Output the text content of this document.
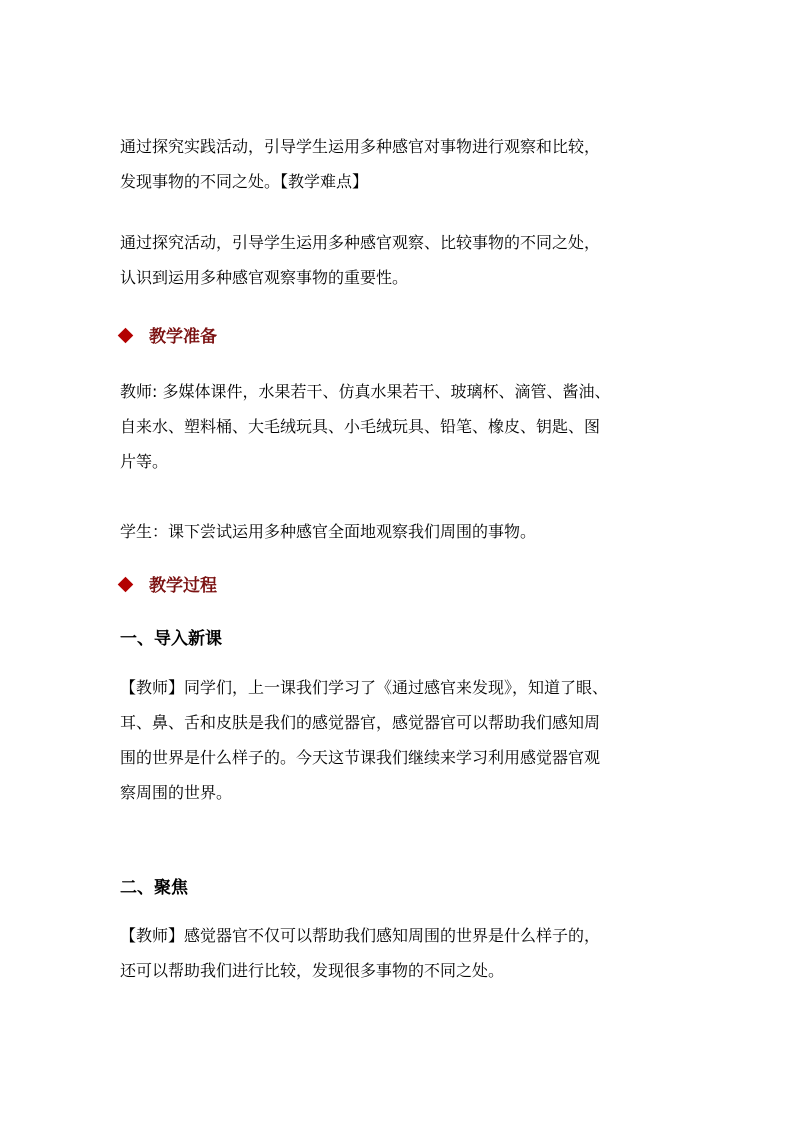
通过探究实践活动，引导学生运用多种感官对事物进行观察和比较，
发现事物的不同之处。【教学难点】

通过探究活动，引导学生运用多种感官观察、比较事物的不同之处，
认识到运用多种感官观察事物的重要性。

教学准备

教师: 多媒体课件，水果若干、仿真水果若干、玻璃杯、滴管、酱油、
自来水、塑料桶、大毛绒玩具、小毛绒玩具、铅笔、橡皮、钥匙、图
片等。

学生：课下尝试运用多种感官全面地观察我们周围的事物。

教学过程
一、导入新课

【教师】同学们，上一课我们学习了《通过感官来发现》，知道了眼、
耳、鼻、舌和皮肤是我们的感觉器官，感觉器官可以帮助我们感知周
围的世界是什么样子的。今天这节课我们继续来学习利用感觉器官观
察周围的世界。

二、聚焦

【教师】感觉器官不仅可以帮助我们感知周围的世界是什么样子的，
还可以帮助我们进行比较，发现很多事物的不同之处。
